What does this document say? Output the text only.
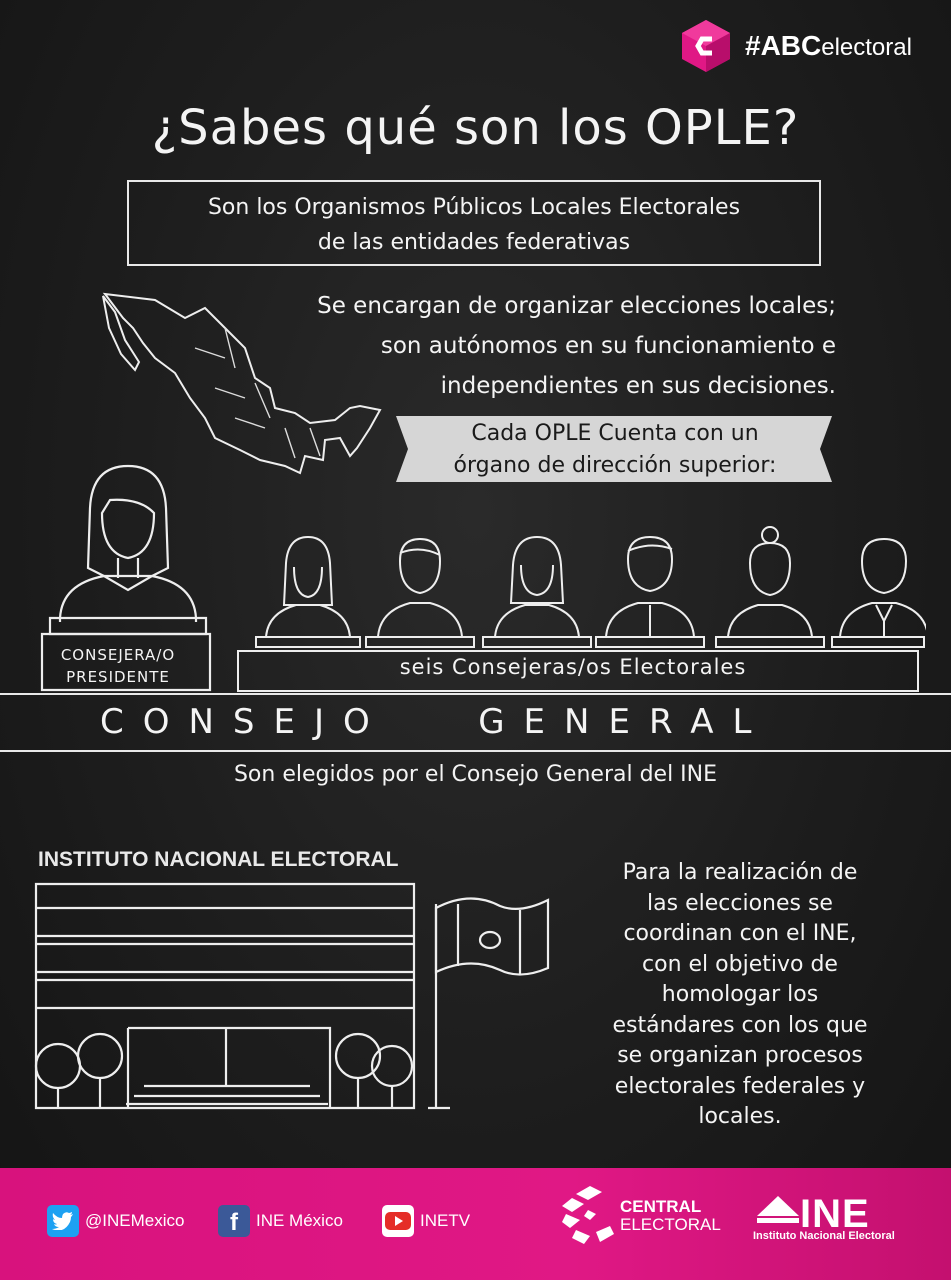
#ABCelectoral
¿Sabes qué son los OPLE?
Son los Organismos Públicos Locales Electorales
de las entidades federativas
Se encargan de organizar elecciones locales;
son autónomos en su funcionamiento e
independientes en sus decisiones.
Cada OPLE Cuenta con un
órgano de dirección superior:
CONSEJERA/O
PRESIDENTE	seis Consejeras/os Electorales
CONSEJO   GENERAL
Son elegidos por el Consejo General del INE
INSTITUTO NACIONAL ELECTORAL
Para la realización de
las elecciones se
coordinan con el INE,
con el objetivo de
homologar los
estándares con los que
se organizan procesos
electorales federales y
locales.
@INEMexico f INE México	INETV
CENTRAL
ELECTORAL INE
Instituto Nacional Electoral
